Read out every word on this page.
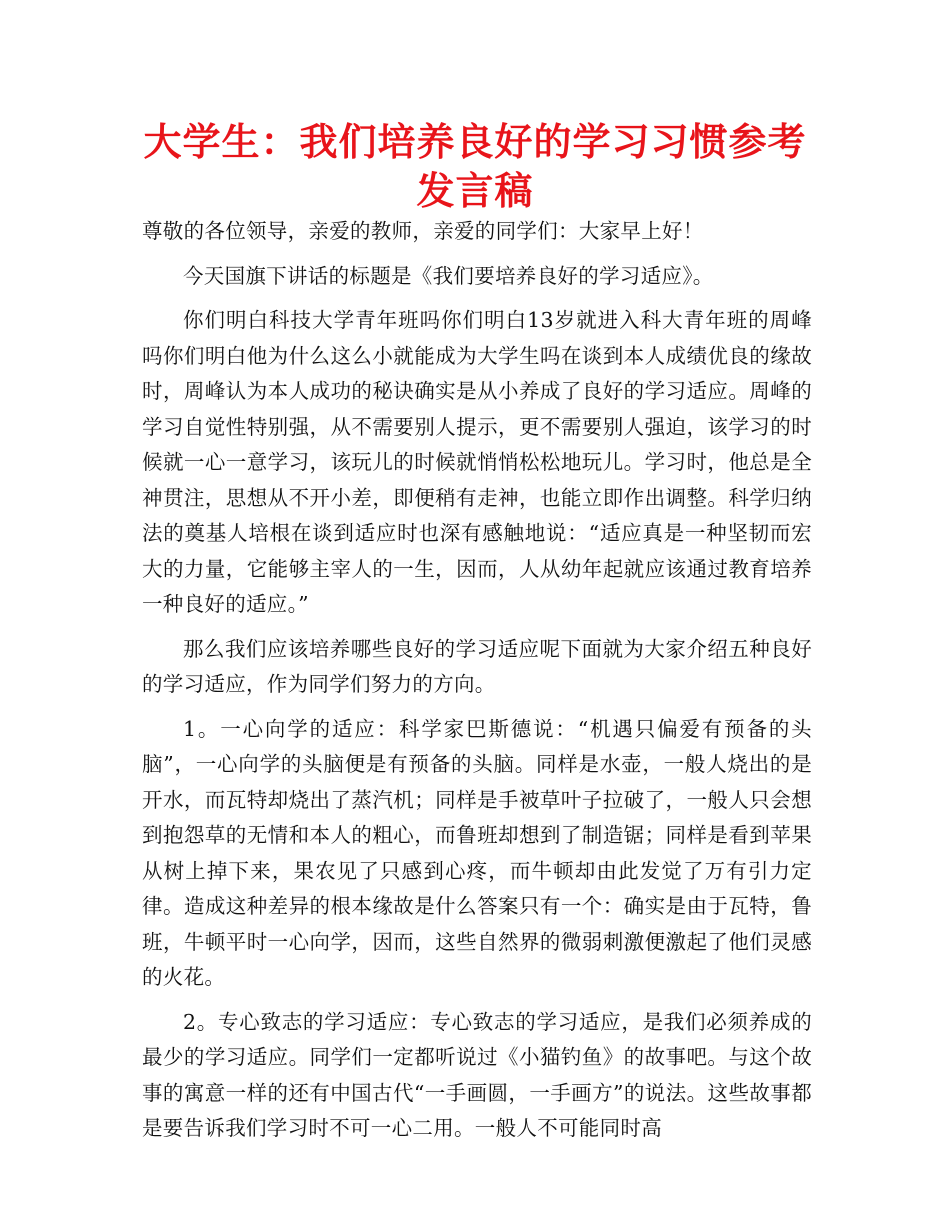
大学生：我们培养良好的学习习惯参考发言稿

尊敬的各位领导，亲爱的教师，亲爱的同学们：大家早上好！

今天国旗下讲话的标题是《我们要培养良好的学习适应》。

你们明白科技大学青年班吗你们明白13岁就进入科大青年班的周峰吗你们明白他为什么这么小就能成为大学生吗在谈到本人成绩优良的缘故时，周峰认为本人成功的秘诀确实是从小养成了良好的学习适应。周峰的学习自觉性特别强，从不需要别人提示，更不需要别人强迫，该学习的时候就一心一意学习，该玩儿的时候就悄悄松松地玩儿。学习时，他总是全神贯注，思想从不开小差，即便稍有走神，也能立即作出调整。科学归纳法的奠基人培根在谈到适应时也深有感触地说：“适应真是一种坚韧而宏大的力量，它能够主宰人的一生，因而，人从幼年起就应该通过教育培养一种良好的适应。”

那么我们应该培养哪些良好的学习适应呢下面就为大家介绍五种良好的学习适应，作为同学们努力的方向。

1。一心向学的适应：科学家巴斯德说：“机遇只偏爱有预备的头脑”，一心向学的头脑便是有预备的头脑。同样是水壶，一般人烧出的是开水，而瓦特却烧出了蒸汽机；同样是手被草叶子拉破了，一般人只会想到抱怨草的无情和本人的粗心，而鲁班却想到了制造锯；同样是看到苹果从树上掉下来，果农见了只感到心疼，而牛顿却由此发觉了万有引力定律。造成这种差异的根本缘故是什么答案只有一个：确实是由于瓦特，鲁班，牛顿平时一心向学，因而，这些自然界的微弱刺激便激起了他们灵感的火花。

2。专心致志的学习适应：专心致志的学习适应，是我们必须养成的最少的学习适应。同学们一定都听说过《小猫钓鱼》的故事吧。与这个故事的寓意一样的还有中国古代“一手画圆，一手画方”的说法。这些故事都是要告诉我们学习时不可一心二用。一般人不可能同时高
